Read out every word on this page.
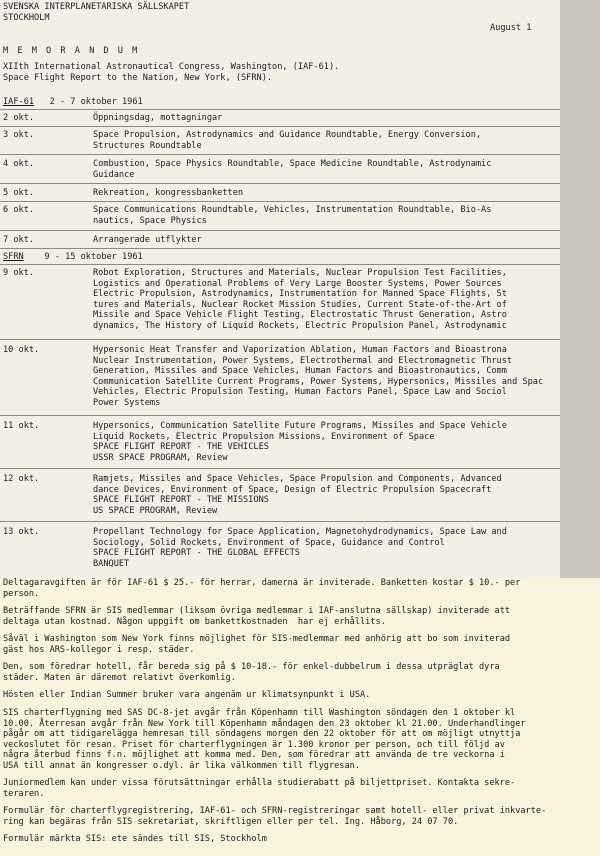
SVENSKA INTERPLANETARISKA SÄLLSKAPET
STOCKHOLM
August 1
M E M O R A N D U M
XIIth International Astronautical Congress, Washington, (IAF-61).
Space Flight Report to the Nation, New York, (SFRN).
IAF-61 2 - 7 oktober 1961
2 okt.	Öppningsdag, mottagningar
3 okt.	Space Propulsion, Astrodynamics and Guidance Roundtable, Energy Conversion,
Structures Roundtable
4 okt.	Combustion, Space Physics Roundtable, Space Medicine Roundtable, Astrodynamic
Guidance
5 okt.	Rekreation, kongressbanketten
6 okt.	Space Communications Roundtable, Vehicles, Instrumentation Roundtable, Bio-As
nautics, Space Physics
7 okt.	Arrangerade utflykter
SFRN 9 - 15 oktober 1961
9 okt.	Robot Exploration, Structures and Materials, Nuclear Propulsion Test Facilities,
Logistics and Operational Problems of Very Large Booster Systems, Power Sources
Electric Propulsion, Astrodynamics, Instrumentation for Manned Space Flights, St
tures and Materials, Nuclear Rocket Mission Studies, Current State-of-the-Art of
Missile and Space Vehicle Flight Testing, Electrostatic Thrust Generation, Astro
dynamics, The History of Liquid Rockets, Electric Propulsion Panel, Astrodynamic
10 okt.	Hypersonic Heat Transfer and Vaporization Ablation, Human Factors and Bioastrona
Nuclear Instrumentation, Power Systems, Electrothermal and Electromagnetic Thrust
Generation, Missiles and Space Vehicles, Human Factors and Bioastronautics, Comm
Communication Satellite Current Programs, Power Systems, Hypersonics, Missiles and Spac
Vehicles, Electric Propulsion Testing, Human Factors Panel, Space Law and Sociol
Power Systems
11 okt.	Hypersonics, Communication Satellite Future Programs, Missiles and Space Vehicle
Liquid Rockets, Electric Propulsion Missions, Environment of Space
SPACE FLIGHT REPORT - THE VEHICLES
USSR SPACE PROGRAM, Review
12 okt.	Ramjets, Missiles and Space Vehicles, Space Propulsion and Components, Advanced
dance Devices, Environment of Space, Design of Electric Propulsion Spacecraft
SPACE FLIGHT REPORT - THE MISSIONS
US SPACE PROGRAM, Review
13 okt.	Propellant Technology for Space Application, Magnetohydrodynamics, Space Law and
Sociology, Solid Rockets, Environment of Space, Guidance and Control
SPACE FLIGHT REPORT - THE GLOBAL EFFECTS
BANQUET
Deltagaravgiften är för IAF-61 $ 25.- för herrar, damerna är inviterade. Banketten kostar $ 10.- per
person.
Beträffande SFRN är SIS medlemmar (liksom övriga medlemmar i IAF-anslutna sällskap) inviterade att
deltaga utan kostnad. Någon uppgift om bankettkostnaden  har ej erhållits.
Såväl i Washington som New York finns möjlighet för SIS-medlemmar med anhörig att bo som inviterad
gäst hos ARS-kollegor i resp. städer.
Den, som föredrar hotell, får bereda sig på $ 10-18.- för enkel-dubbelrum i dessa utpräglat dyra
städer. Maten är däremot relativt överkomlig.
Hösten eller Indian Summer bruker vara angenäm ur klimatsynpunkt i USA.
SIS charterflygning med SAS DC-8-jet avgår från Köpenhamn till Washington söndagen den 1 oktober kl
10.00. Återresan avgår från New York till Köpenhamn måndagen den 23 oktober kl 21.00. Underhandlinger
pågår om att tidigarelägga hemresan till söndagens morgen den 22 oktober för att om möjligt utnyttja
veckoslutet för resan. Priset för charterflygningen är 1.300 kronor per person, och till följd av
några återbud finns f.n. möjlighet att komma med. Den, som föredrar att använda de tre veckorna i
USA till annat än kongresser o.dyl. är lika välkommen till flygresan.
Juniormedlem kan under vissa förutsättningar erhålla studierabatt på biljettpriset. Kontakta sekre-
teraren.
Formulär för charterflygregistrering, IAF-61- och SFRN-registreringar samt hotell- eller privat inkvarte-
ring kan begäras från SIS sekretariat, skriftligen eller per tel. Ing. Håborg, 24 07 70.
Formulär märkta SIS: ete sändes till SIS, Stockholm
